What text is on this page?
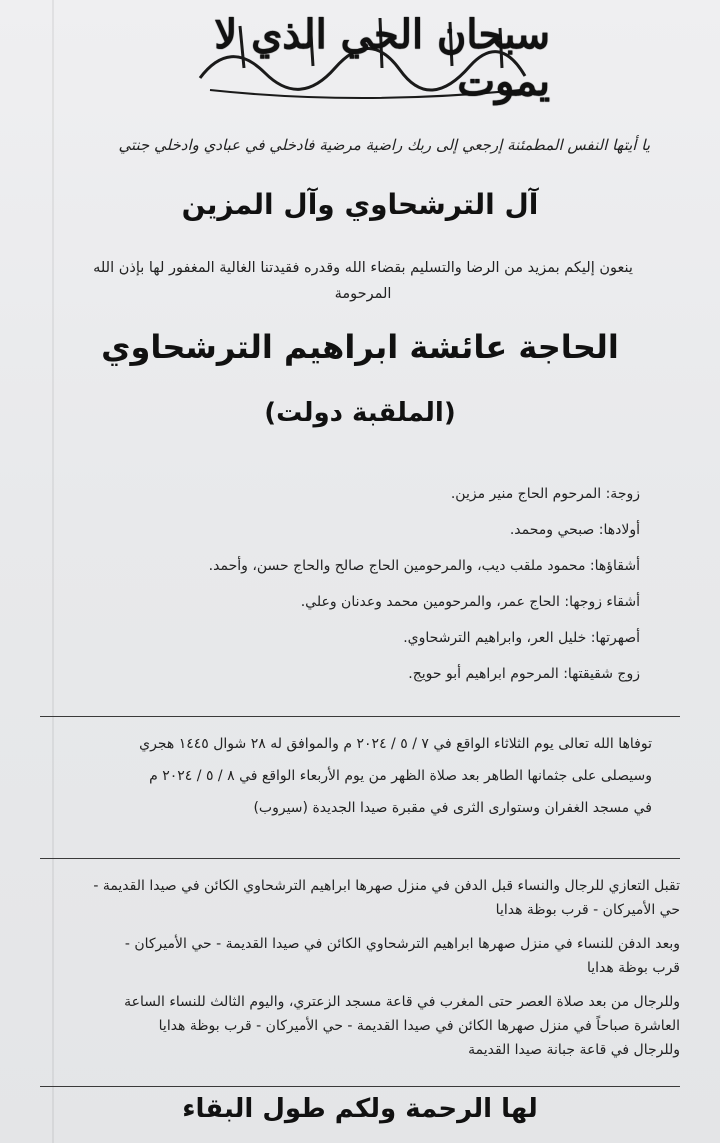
سبحان الحي الذي لا يموت
يا أيتها النفس المطمئنة إرجعي إلى ربك راضية مرضية فادخلي في عبادي وادخلي جنتي
آل الترشحاوي وآل المزين
ينعون إليكم بمزيد من الرضا والتسليم بقضاء الله وقدره فقيدتنا الغالية المغفور لها بإذن الله
المرحومة
الحاجة عائشة ابراهيم الترشحاوي
(الملقبة دولت)
زوجة: المرحوم الحاج منير مزين.
أولادها: صبحي ومحمد.
أشقاؤها: محمود ملقب ديب، والمرحومين الحاج صالح والحاج حسن، وأحمد.
أشقاء زوجها: الحاج عمر، والمرحومين محمد وعدنان وعلي.
أصهرتها: خليل العر، وابراهيم الترشحاوي.
زوج شقيقتها: المرحوم ابراهيم أبو حويج.
توفاها الله تعالى يوم الثلاثاء الواقع في ٧ / ٥ / ٢٠٢٤ م والموافق له ٢٨ شوال ١٤٤٥ هجري
وسيصلى على جثمانها الطاهر بعد صلاة الظهر من يوم الأربعاء الواقع في ٨ / ٥ / ٢٠٢٤ م
في مسجد الغفران وستوارى الثرى في مقبرة صيدا الجديدة (سيروب)
تقبل التعازي للرجال والنساء قبل الدفن في منزل صهرها ابراهيم الترشحاوي الكائن في صيدا القديمة -
حي الأميركان - قرب بوظة هدايا
وبعد الدفن للنساء في منزل صهرها ابراهيم الترشحاوي الكائن في صيدا القديمة - حي الأميركان -
قرب بوظة هدايا
وللرجال من بعد صلاة العصر حتى المغرب في قاعة مسجد الزعتري، واليوم الثالث للنساء الساعة
العاشرة صباحاً في منزل صهرها الكائن في صيدا القديمة - حي الأميركان - قرب بوظة هدايا
وللرجال في قاعة جبانة صيدا القديمة
لها الرحمة ولكم طول البقاء
